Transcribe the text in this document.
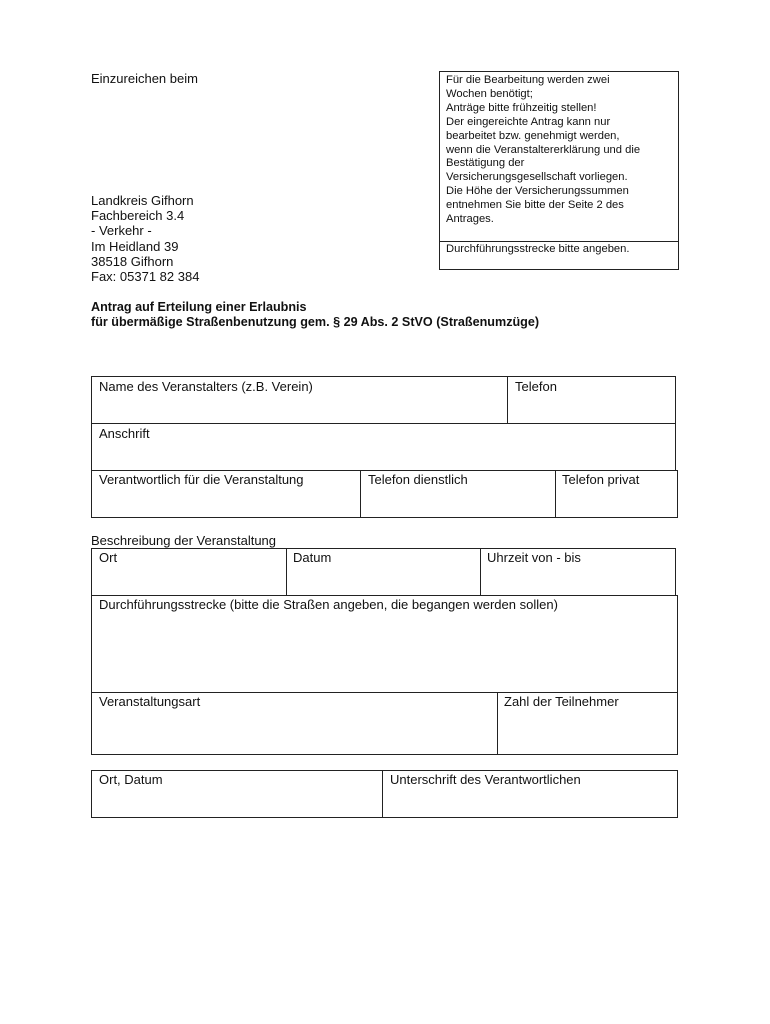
Einzureichen beim
Landkreis Gifhorn
Fachbereich 3.4
- Verkehr -
Im Heidland 39
38518 Gifhorn
Fax: 05371 82 384
Für die Bearbeitung werden zwei
Wochen benötigt;
Anträge bitte frühzeitig stellen!
Der eingereichte Antrag kann nur
bearbeitet bzw. genehmigt werden,
wenn die Veranstaltererklärung und die
Bestätigung der
Versicherungsgesellschaft vorliegen.
Die Höhe der Versicherungssummen
entnehmen Sie bitte der Seite 2 des
Antrages.
Durchführungsstrecke bitte angeben.
Antrag auf Erteilung einer Erlaubnis
für übermäßige Straßenbenutzung gem. § 29 Abs. 2 StVO (Straßenumzüge)
Name des Veranstalters (z.B. Verein)	Telefon
Anschrift
Verantwortlich für die Veranstaltung	Telefon dienstlich	Telefon privat
Beschreibung der Veranstaltung
Ort	Datum	Uhrzeit von - bis
Durchführungsstrecke (bitte die Straßen angeben, die begangen werden sollen)
Veranstaltungsart	Zahl der Teilnehmer
Ort, Datum	Unterschrift des Verantwortlichen
